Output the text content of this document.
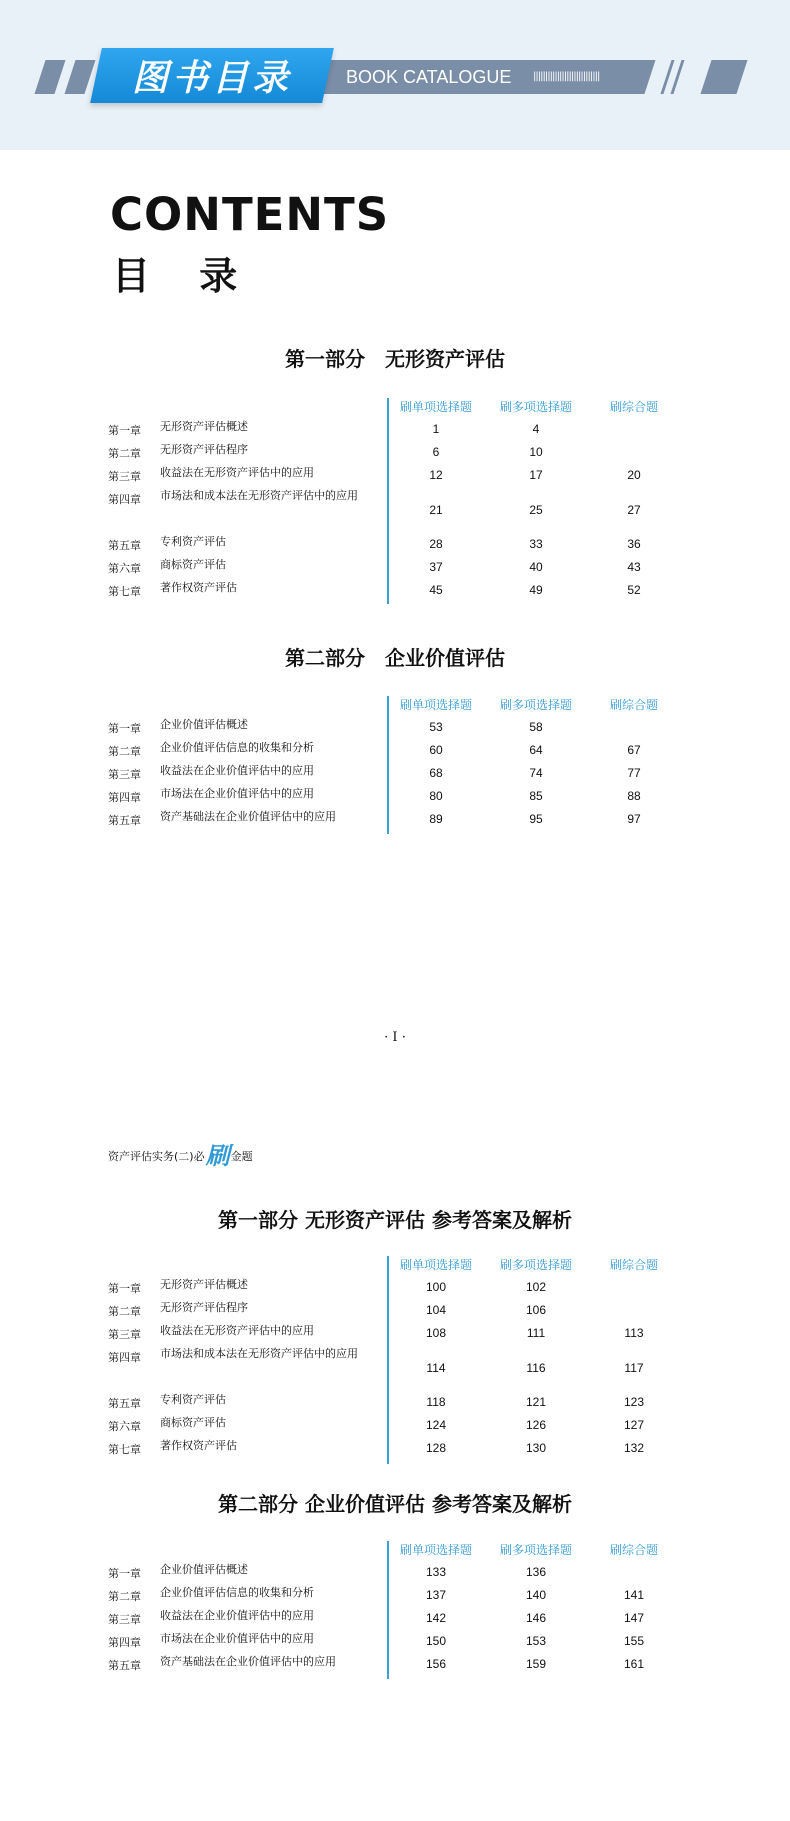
图书目录	BOOK CATALOGUE ||||||||||||||||||||||||||||
CONTENTS
目 录
第一部分　无形资产评估
刷单项选择题	刷多项选择题	刷综合题
第一章	无形资产评估概述	1	4
第二章	无形资产评估程序	6	10
第三章	收益法在无形资产评估中的应用	12	17	20
第四章	市场法和成本法在无形资产评估中的应用
21	25	27
第五章	专利资产评估	28	33	36
第六章	商标资产评估	37	40	43
第七章	著作权资产评估	45	49	52
第二部分　企业价值评估
刷单项选择题	刷多项选择题	刷综合题
第一章	企业价值评估概述	53	58
第二章	企业价值评估信息的收集和分析	60	64	67
第三章	收益法在企业价值评估中的应用	68	74	77
第四章	市场法在企业价值评估中的应用	80	85	88
第五章	资产基础法在企业价值评估中的应用	89	95	97
· I ·
资产评估实务(二)必刷金题
第一部分 无形资产评估 参考答案及解析
刷单项选择题	刷多项选择题	刷综合题
第一章	无形资产评估概述	100	102
第二章	无形资产评估程序	104	106
第三章	收益法在无形资产评估中的应用	108	111	113
第四章	市场法和成本法在无形资产评估中的应用
114	116	117
第五章	专利资产评估	118	121	123
第六章	商标资产评估	124	126	127
第七章	著作权资产评估	128	130	132
第二部分 企业价值评估 参考答案及解析
刷单项选择题	刷多项选择题	刷综合题
第一章	企业价值评估概述	133	136
第二章	企业价值评估信息的收集和分析	137	140	141
第三章	收益法在企业价值评估中的应用	142	146	147
第四章	市场法在企业价值评估中的应用	150	153	155
第五章	资产基础法在企业价值评估中的应用	156	159	161
